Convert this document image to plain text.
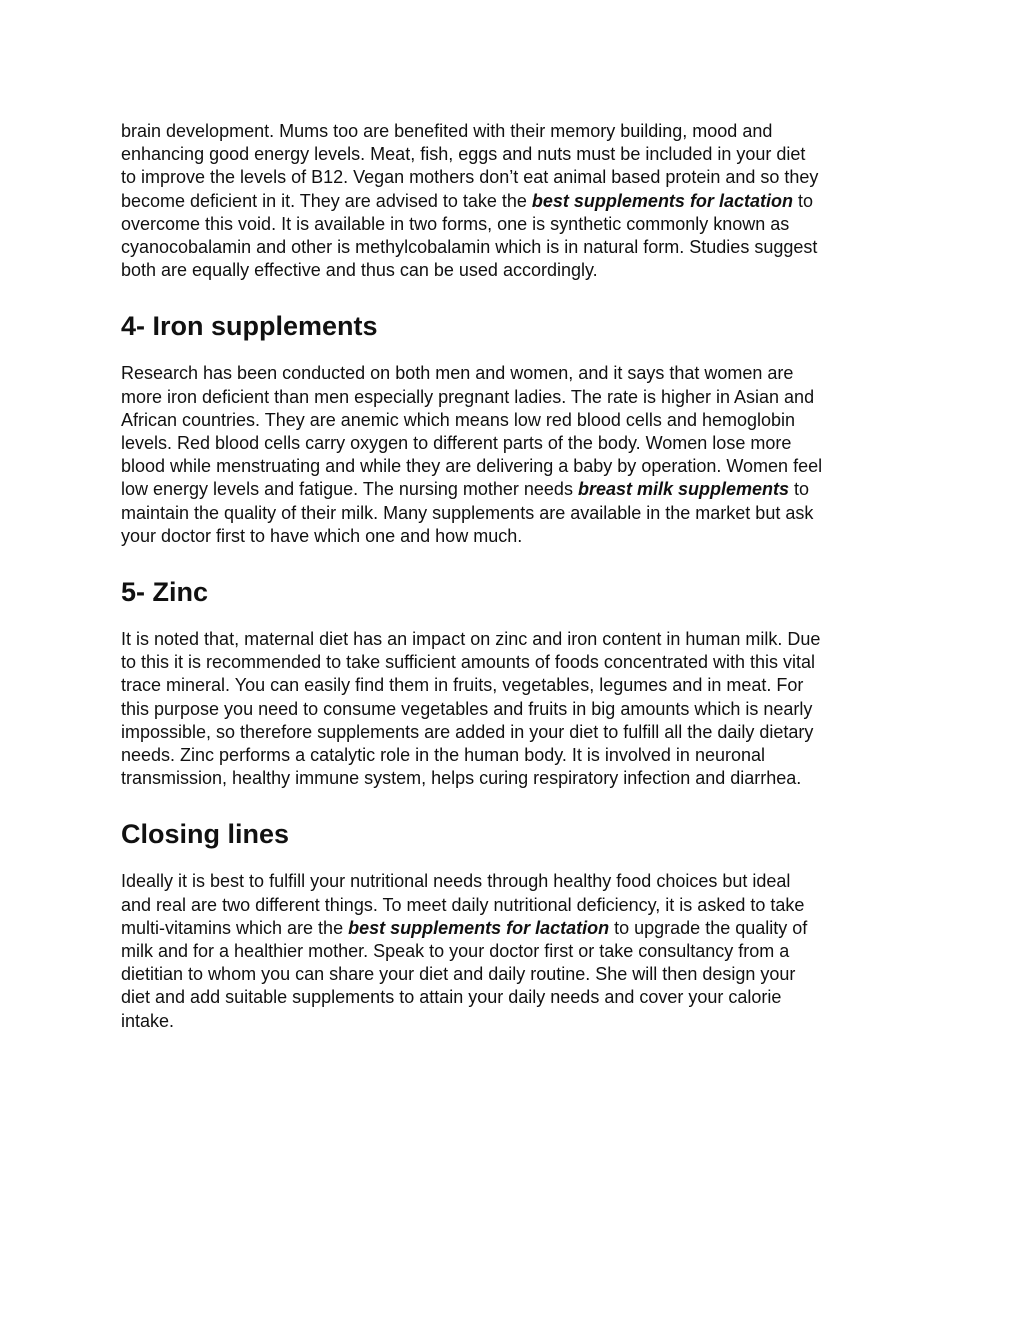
brain development. Mums too are benefited with their memory building, mood and
enhancing good energy levels. Meat, fish, eggs and nuts must be included in your diet
to improve the levels of B12. Vegan mothers don’t eat animal based protein and so they
become deficient in it. They are advised to take the best supplements for lactation to
overcome this void. It is available in two forms, one is synthetic commonly known as
cyanocobalamin and other is methylcobalamin which is in natural form. Studies suggest
both are equally effective and thus can be used accordingly.

4- Iron supplements

Research has been conducted on both men and women, and it says that women are
more iron deficient than men especially pregnant ladies. The rate is higher in Asian and
African countries. They are anemic which means low red blood cells and hemoglobin
levels. Red blood cells carry oxygen to different parts of the body. Women lose more
blood while menstruating and while they are delivering a baby by operation. Women feel
low energy levels and fatigue. The nursing mother needs breast milk supplements to
maintain the quality of their milk. Many supplements are available in the market but ask
your doctor first to have which one and how much.

5- Zinc

It is noted that, maternal diet has an impact on zinc and iron content in human milk. Due
to this it is recommended to take sufficient amounts of foods concentrated with this vital
trace mineral. You can easily find them in fruits, vegetables, legumes and in meat. For
this purpose you need to consume vegetables and fruits in big amounts which is nearly
impossible, so therefore supplements are added in your diet to fulfill all the daily dietary
needs. Zinc performs a catalytic role in the human body. It is involved in neuronal
transmission, healthy immune system, helps curing respiratory infection and diarrhea.

Closing lines

Ideally it is best to fulfill your nutritional needs through healthy food choices but ideal
and real are two different things. To meet daily nutritional deficiency, it is asked to take
multi-vitamins which are the best supplements for lactation to upgrade the quality of
milk and for a healthier mother. Speak to your doctor first or take consultancy from a
dietitian to whom you can share your diet and daily routine. She will then design your
diet and add suitable supplements to attain your daily needs and cover your calorie
intake.
